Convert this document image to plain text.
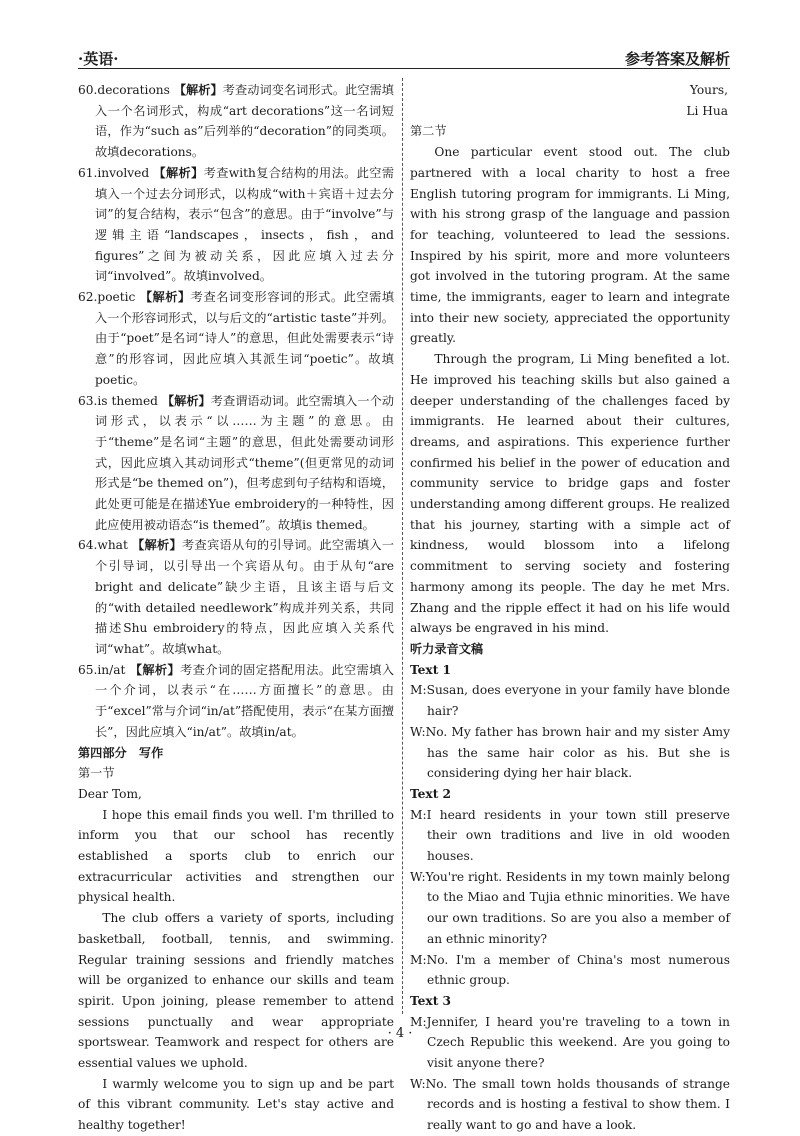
·英语·	参考答案及解析

60.decorations 【解析】考查动词变名词形式。此空需填入一个名词形式，构成“art decorations”这一名词短语，作为“such as”后列举的“decoration”的同类项。故填decorations。

61.involved 【解析】考查with复合结构的用法。此空需填入一个过去分词形式，以构成“with＋宾语＋过去分词”的复合结构，表示“包含”的意思。由于“involve”与逻辑主语“landscapes，insects，fish，and figures”之间为被动关系，因此应填入过去分词“involved”。故填involved。

62.poetic 【解析】考查名词变形容词的形式。此空需填入一个形容词形式，以与后文的“artistic taste”并列。由于“poet”是名词“诗人”的意思，但此处需要表示“诗意”的形容词，因此应填入其派生词“poetic”。故填poetic。

63.is themed 【解析】考查谓语动词。此空需填入一个动词形式，以表示“以……为主题”的意思。由于“theme”是名词“主题”的意思，但此处需要动词形式，因此应填入其动词形式“theme”(但更常见的动词形式是“be themed on”)，但考虑到句子结构和语境，此处更可能是在描述Yue embroidery的一种特性，因此应使用被动语态“is themed”。故填is themed。

64.what 【解析】考查宾语从句的引导词。此空需填入一个引导词，以引导出一个宾语从句。由于从句“are bright and delicate”缺少主语，且该主语与后文的“with detailed needlework”构成并列关系，共同描述Shu embroidery的特点，因此应填入关系代词“what”。故填what。

65.in/at 【解析】考查介词的固定搭配用法。此空需填入一个介词，以表示“在……方面擅长”的意思。由于“excel”常与介词“in/at”搭配使用，表示“在某方面擅长”，因此应填入“in/at”。故填in/at。

第四部分　写作

第一节

Dear Tom,

I hope this email finds you well. I'm thrilled to inform you that our school has recently established a sports club to enrich our extracurricular activities and strengthen our physical health.

The club offers a variety of sports, including basketball, football, tennis, and swimming. Regular training sessions and friendly matches will be organized to enhance our skills and team spirit. Upon joining, please remember to attend sessions punctually and wear appropriate sportswear. Teamwork and respect for others are essential values we uphold.

I warmly welcome you to sign up and be part of this vibrant community. Let's stay active and healthy together!

Yours,

Li Hua

第二节

One particular event stood out. The club partnered with a local charity to host a free English tutoring program for immigrants. Li Ming, with his strong grasp of the language and passion for teaching, volunteered to lead the sessions. Inspired by his spirit, more and more volunteers got involved in the tutoring program. At the same time, the immigrants, eager to learn and integrate into their new society, appreciated the opportunity greatly.

Through the program, Li Ming benefited a lot. He improved his teaching skills but also gained a deeper understanding of the challenges faced by immigrants. He learned about their cultures, dreams, and aspirations. This experience further confirmed his belief in the power of education and community service to bridge gaps and foster understanding among different groups. He realized that his journey, starting with a simple act of kindness, would blossom into a lifelong commitment to serving society and fostering harmony among its people. The day he met Mrs. Zhang and the ripple effect it had on his life would always be engraved in his mind.

听力录音文稿

Text 1

M:Susan, does everyone in your family have blonde hair?

W:No. My father has brown hair and my sister Amy has the same hair color as his. But she is considering dying her hair black.

Text 2

M:I heard residents in your town still preserve their own traditions and live in old wooden houses.

W:You're right. Residents in my town mainly belong to the Miao and Tujia ethnic minorities. We have our own traditions. So are you also a member of an ethnic minority?

M:No. I'm a member of China's most numerous ethnic group.

Text 3

M:Jennifer, I heard you're traveling to a town in Czech Republic this weekend. Are you going to visit anyone there?

W:No. The small town holds thousands of strange records and is hosting a festival to show them. I really want to go and have a look.

· 4 ·
